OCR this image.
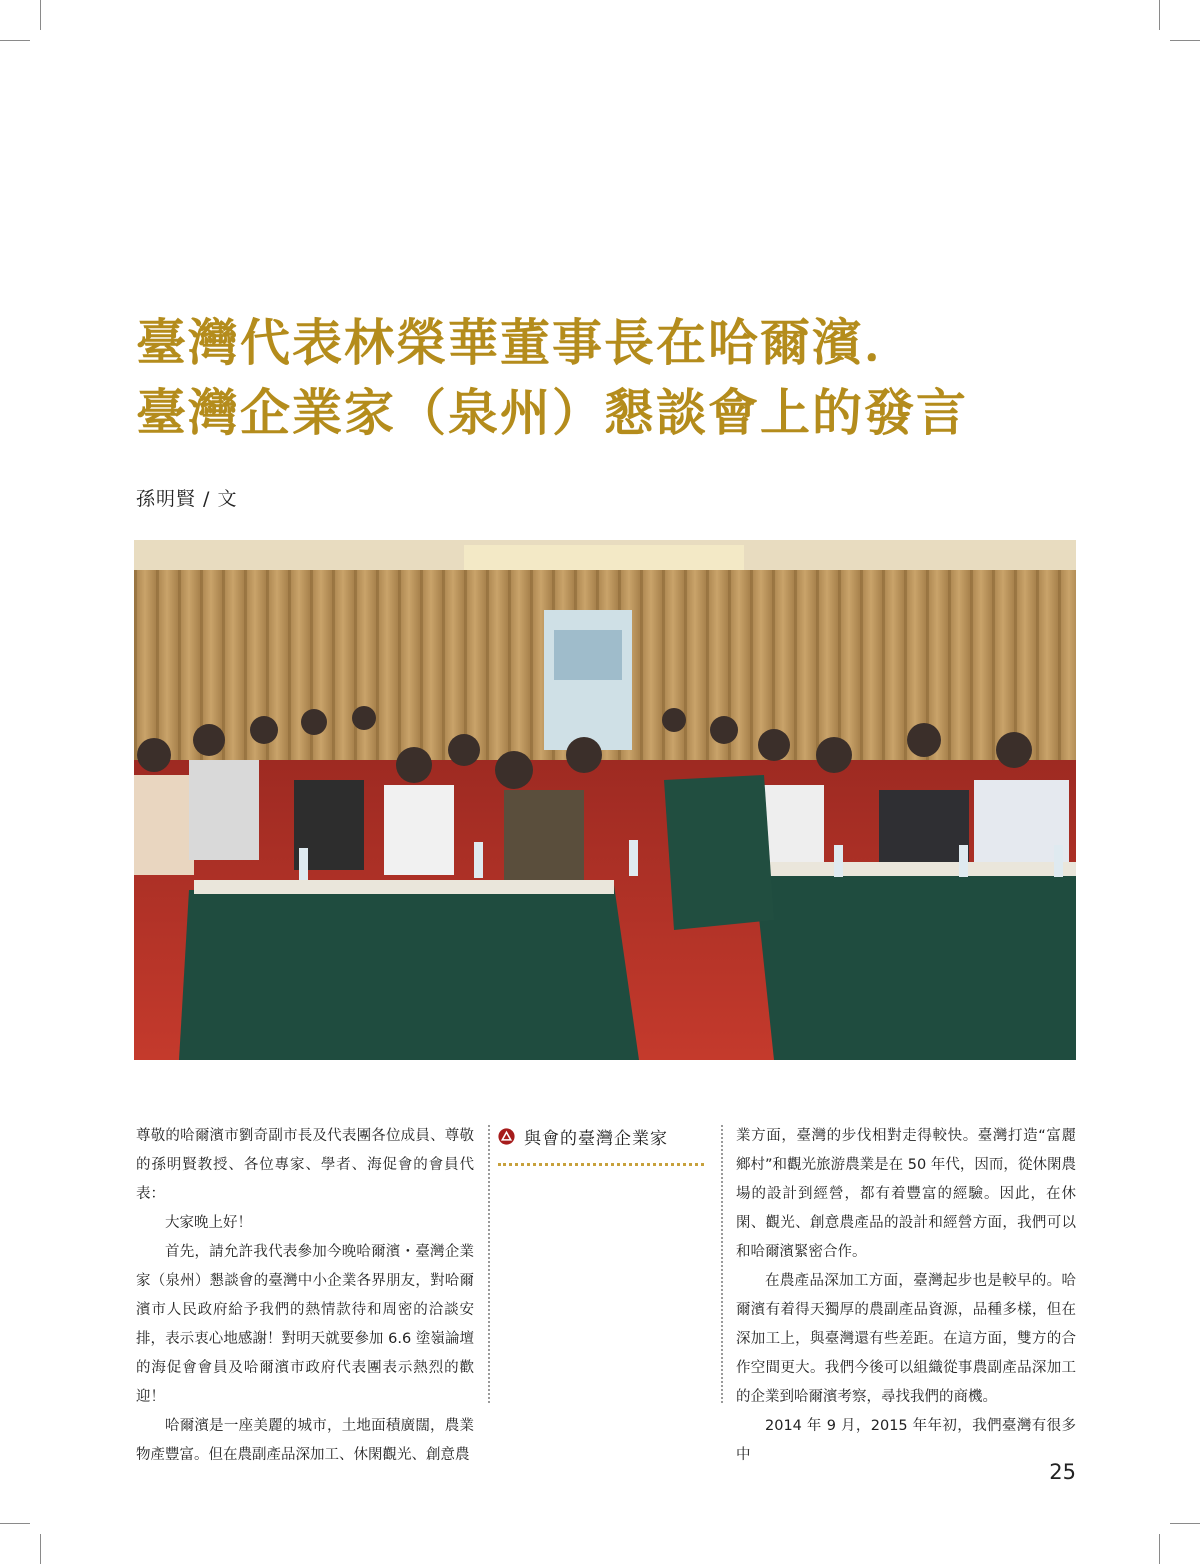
臺灣代表林榮華董事長在哈爾濱．
臺灣企業家（泉州）懇談會上的發言
孫明賢 / 文

尊敬的哈爾濱市劉奇副市長及代表團各位成員、尊敬的孫明賢教授、各位專家、學者、海促會的會員代表：

大家晚上好！

首先，請允許我代表參加今晚哈爾濱・臺灣企業家（泉州）懇談會的臺灣中小企業各界朋友，對哈爾濱市人民政府給予我們的熱情款待和周密的洽談安排，表示衷心地感謝！對明天就要參加 6.6 塗嶺論壇的海促會會員及哈爾濱市政府代表團表示熱烈的歡迎！

哈爾濱是一座美麗的城市，土地面積廣闊，農業物產豐富。但在農副產品深加工、休閑觀光、創意農

與會的臺灣企業家	業方面，臺灣的步伐相對走得較快。臺灣打造“富麗鄉村”和觀光旅游農業是在 50 年代，因而，從休閑農場的設計到經營，都有着豐富的經驗。因此，在休閑、觀光、創意農產品的設計和經營方面，我們可以和哈爾濱緊密合作。

在農產品深加工方面，臺灣起步也是較早的。哈爾濱有着得天獨厚的農副產品資源，品種多樣，但在深加工上，與臺灣還有些差距。在這方面，雙方的合作空間更大。我們今後可以組織從事農副產品深加工的企業到哈爾濱考察，尋找我們的商機。

2014 年 9 月，2015 年年初，我們臺灣有很多中

25
